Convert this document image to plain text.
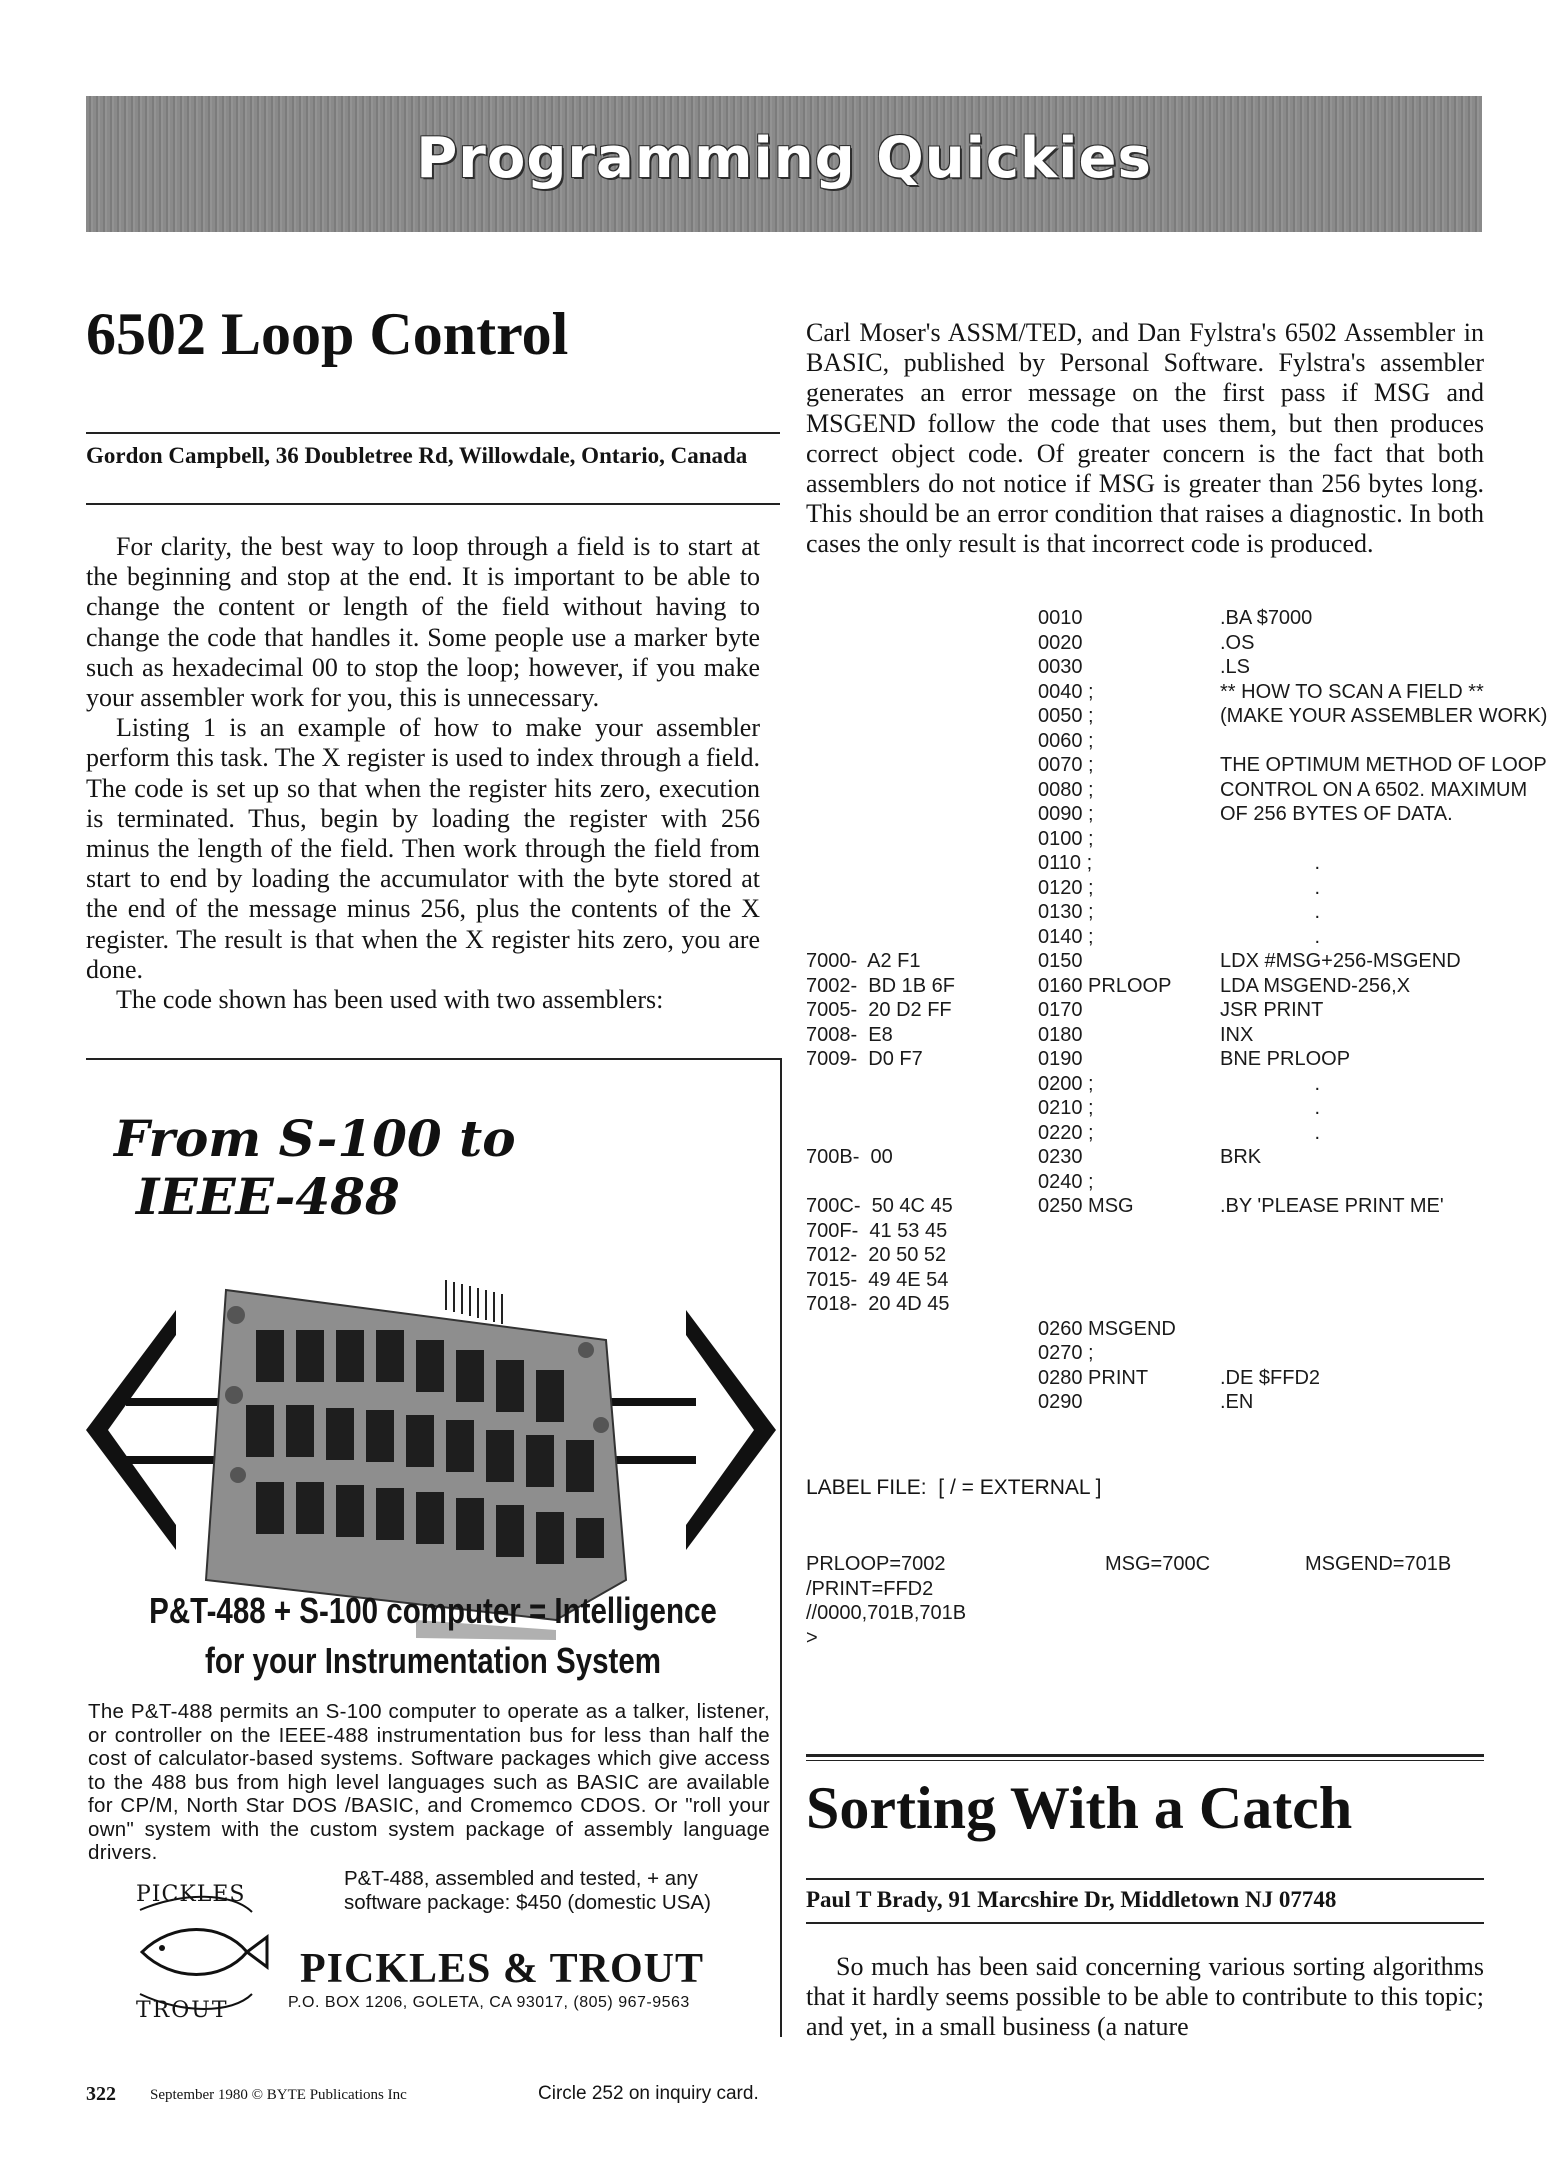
Programming Quickies
6502 Loop Control
Gordon Campbell, 36 Doubletree Rd, Willowdale, Ontario, Canada

For clarity, the best way to loop through a field is to start at the beginning and stop at the end. It is important to be able to change the content or length of the field without having to change the code that handles it. Some people use a marker byte such as hexadecimal 00 to stop the loop; however, if you make your assembler work for you, this is unnecessary.

Listing 1 is an example of how to make your assembler perform this task. The X register is used to index through a field. The code is set up so that when the register hits zero, execution is terminated. Thus, begin by loading the register with 256 minus the length of the field. Then work through the field from start to end by loading the accumulator with the byte stored at the end of the message minus 256, plus the contents of the X register. The result is that when the X register hits zero, you are done.

The code shown has been used with two assemblers:

Carl Moser's ASSM/TED, and Dan Fylstra's 6502 Assembler in BASIC, published by Personal Software. Fylstra's assembler generates an error message on the first pass if MSG and MSGEND follow the code that uses them, but then produces correct object code. Of greater concern is the fact that both assemblers do not notice if MSG is greater than 256 bytes long. This should be an error condition that raises a diagnostic. In both cases the only result is that incorrect code is produced.

7000-  A2 F1
7002-  BD 1B 6F
7005-  20 D2 FF
7008-  E8
7009-  D0 F7

700B-  00

700C-  50 4C 45
700F-  41 53 45
7012-  20 50 52
7015-  49 4E 54
7018-  20 4D 45
0010
0020
0030
0040 ;
0050 ;
0060 ;
0070 ;
0080 ;
0090 ;
0100 ;
0110 ;
0120 ;
0130 ;
0140 ;
0150
0160 PRLOOP
0170
0180
0190
0200 ;
0210 ;
0220 ;
0230
0240 ;
0250 MSG

0260 MSGEND
0270 ;
0280 PRINT
0290
.BA $7000
.OS
.LS
** HOW TO SCAN A FIELD **
(MAKE YOUR ASSEMBLER WORK)

THE OPTIMUM METHOD OF LOOP
CONTROL ON A 6502. MAXIMUM
OF 256 BYTES OF DATA.

.
.
.
.
LDX #MSG+256-MSGEND
LDA MSGEND-256,X
JSR PRINT
INX
BNE PRLOOP
.
.
.
BRK

.BY 'PLEASE PRINT ME'

.DE $FFD2
.EN
LABEL FILE:  [ / = EXTERNAL ]
PRLOOP=7002
/PRINT=FFD2
//0000,701B,701B
>
MSG=700C	MSGEND=701B
From S-100 to
IEEE-488
P&T-488 + S-100 computer = Intelligence
for your Instrumentation System
The P&T-488 permits an S-100 computer to operate as a talker, listener, or controller on the IEEE-488 instrumentation bus for less than half the cost of calculator-based systems. Software packages which give access to the 488 bus from high level languages such as BASIC are available for CP/M, North Star DOS /BASIC, and Cromemco CDOS. Or "roll your own" system with the custom system package of assembly language drivers.
P&T-488, assembled and tested, + any software package: $450 (domestic USA)
PICKLES
TROUT
PICKLES & TROUT
P.O. BOX 1206, GOLETA, CA 93017, (805) 967-9563
Sorting With a Catch
Paul T Brady, 91 Marcshire Dr, Middletown NJ 07748

So much has been said concerning various sorting algorithms that it hardly seems possible to be able to contribute to this topic; and yet, in a small business (a nature

322 September 1980 © BYTE Publications Inc	Circle 252 on inquiry card.
